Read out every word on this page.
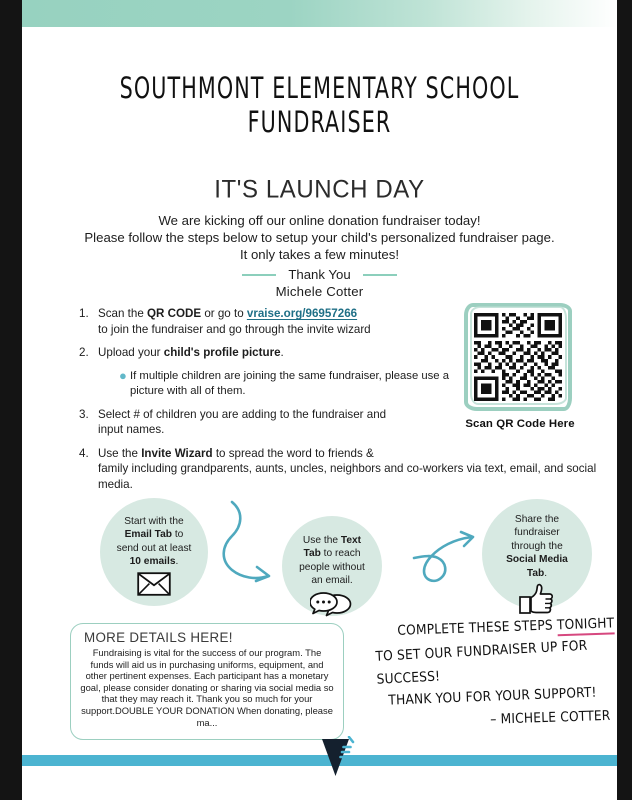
SOUTHMONT ELEMENTARY SCHOOL FUNDRAISER
IT'S LAUNCH DAY

We are kicking off our online donation fundraiser today!

Please follow the steps below to setup your child's personalized fundraiser page.

It only takes a few minutes!

Thank You
Michele Cotter
1. Scan the QR CODE or go to vraise.org/96957266
to join the fundraiser and go through the invite wizard
2. Upload your child's profile picture.
● If multiple children are joining the same fundraiser, please use a picture with all of them.
3. Select # of children you are adding to the fundraiser and
input names.
4. Use the Invite Wizard to spread the word to friends &
family including grandparents, aunts, uncles, neighbors and co-workers via text, email, and social media.
Scan QR Code Here
Start with the Email Tab to send out at least 10 emails.
Use the Text Tab to reach people without an email.
Share the fundraiser through the Social Media Tab.
MORE DETAILS HERE!
Fundraising is vital for the success of our program. The funds will aid us in purchasing uniforms, equipment, and other pertinent expenses. Each participant has a monetary goal, please consider donating or sharing via social media so that they may reach it. Thank you so much for your support.DOUBLE YOUR DONATION When donating, please ma...
COMPLETE THESE STEPS TONIGHT
TO SET OUR FUNDRAISER UP FOR SUCCESS!
THANK YOU FOR YOUR SUPPORT!
– MICHELE COTTER
